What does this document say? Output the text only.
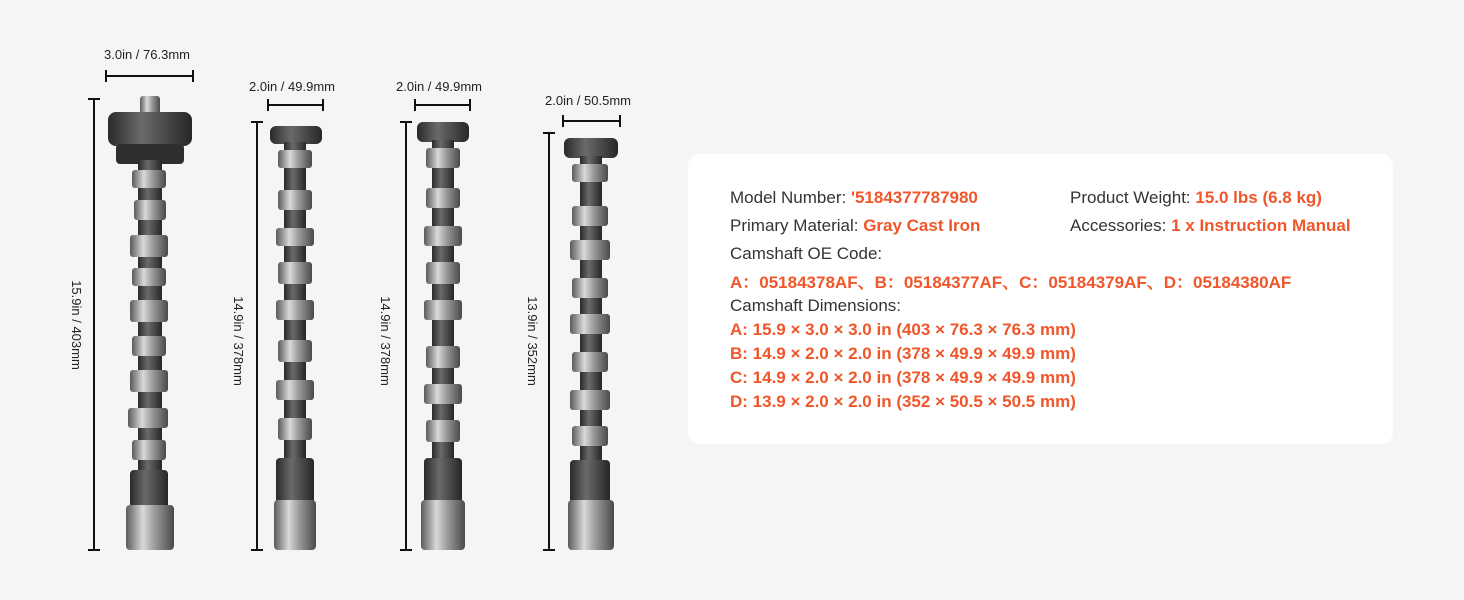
3.0in / 76.3mm
2.0in / 49.9mm	2.0in / 49.9mm
2.0in / 50.5mm
15.9in / 403mm	14.9in / 378mm	14.9in / 378mm	13.9in / 352mm
Model Number: '5184377787980	Product Weight: 15.0 lbs (6.8 kg)
Primary Material: Gray Cast Iron	Accessories: 1 x Instruction Manual
Camshaft OE Code:
A：05184378AF、B：05184377AF、C：05184379AF、D：05184380AF
Camshaft Dimensions:
A: 15.9 × 3.0 × 3.0 in (403 × 76.3 × 76.3 mm)
B: 14.9 × 2.0 × 2.0 in (378 × 49.9 × 49.9 mm)
C: 14.9 × 2.0 × 2.0 in (378 × 49.9 × 49.9 mm)
D: 13.9 × 2.0 × 2.0 in (352 × 50.5 × 50.5 mm)
